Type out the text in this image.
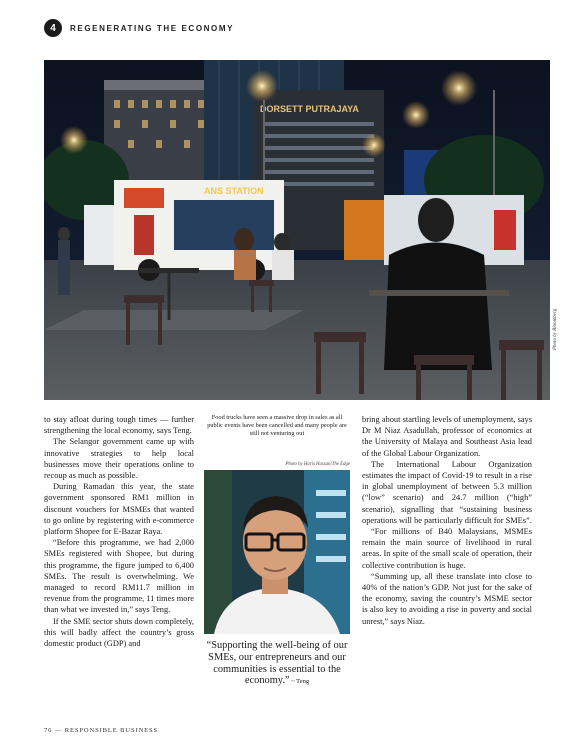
4	REGENERATING THE ECONOMY
DORSETT PUTRAJAYA
ANS STATION
Photo by Bloomberg

to stay afloat during tough times — further strengthening the local economy, says Teng.

The Selangor government came up with innovative strategies to help local businesses move their operations online to recoup as much as possible.

During Ramadan this year, the state government sponsored RM1 million in discount vouchers for MSMEs that wanted to go online by registering with e-commerce platform Shopee for E-Bazar Raya.

“Before this programme, we had 2,000 SMEs registered with Shopee, but during this programme, the figure jumped to 6,400 SMEs. The result is overwhelming. We managed to record RM11.7 million in revenue from the programme, 11 times more than what we invested in,” says Teng.

If the SME sector shuts down completely, this will badly affect the country’s gross domestic product (GDP) and

Food trucks have seen a massive drop in sales as all public events have been cancelled and many people are still not venturing out
Photo by Haris Hassan/The Edge
“Supporting the well-being of our SMEs, our entrepreneurs and our communities is essential to the economy.” ~ Teng

bring about startling levels of unemployment, says Dr M Niaz Asadullah, professor of economics at the University of Malaya and Southeast Asia lead of the Global Labour Organization.

The International Labour Organization estimates the impact of Covid-19 to result in a rise in global unemployment of between 5.3 million (“low” scenario) and 24.7 million (“high” scenario), signalling that “sustaining business operations will be particularly difficult for SMEs”.

“For millions of B40 Malaysians, MSMEs remain the main source of livelihood in rural areas. In spite of the small scale of operation, their collective contribution is huge.

“Summing up, all these translate into close to 40% of the nation’s GDP. Not just for the sake of the economy, saving the country’s MSME sector is also key to avoiding a rise in poverty and social unrest,” says Niaz.

76 — RESPONSIBLE BUSINESS
